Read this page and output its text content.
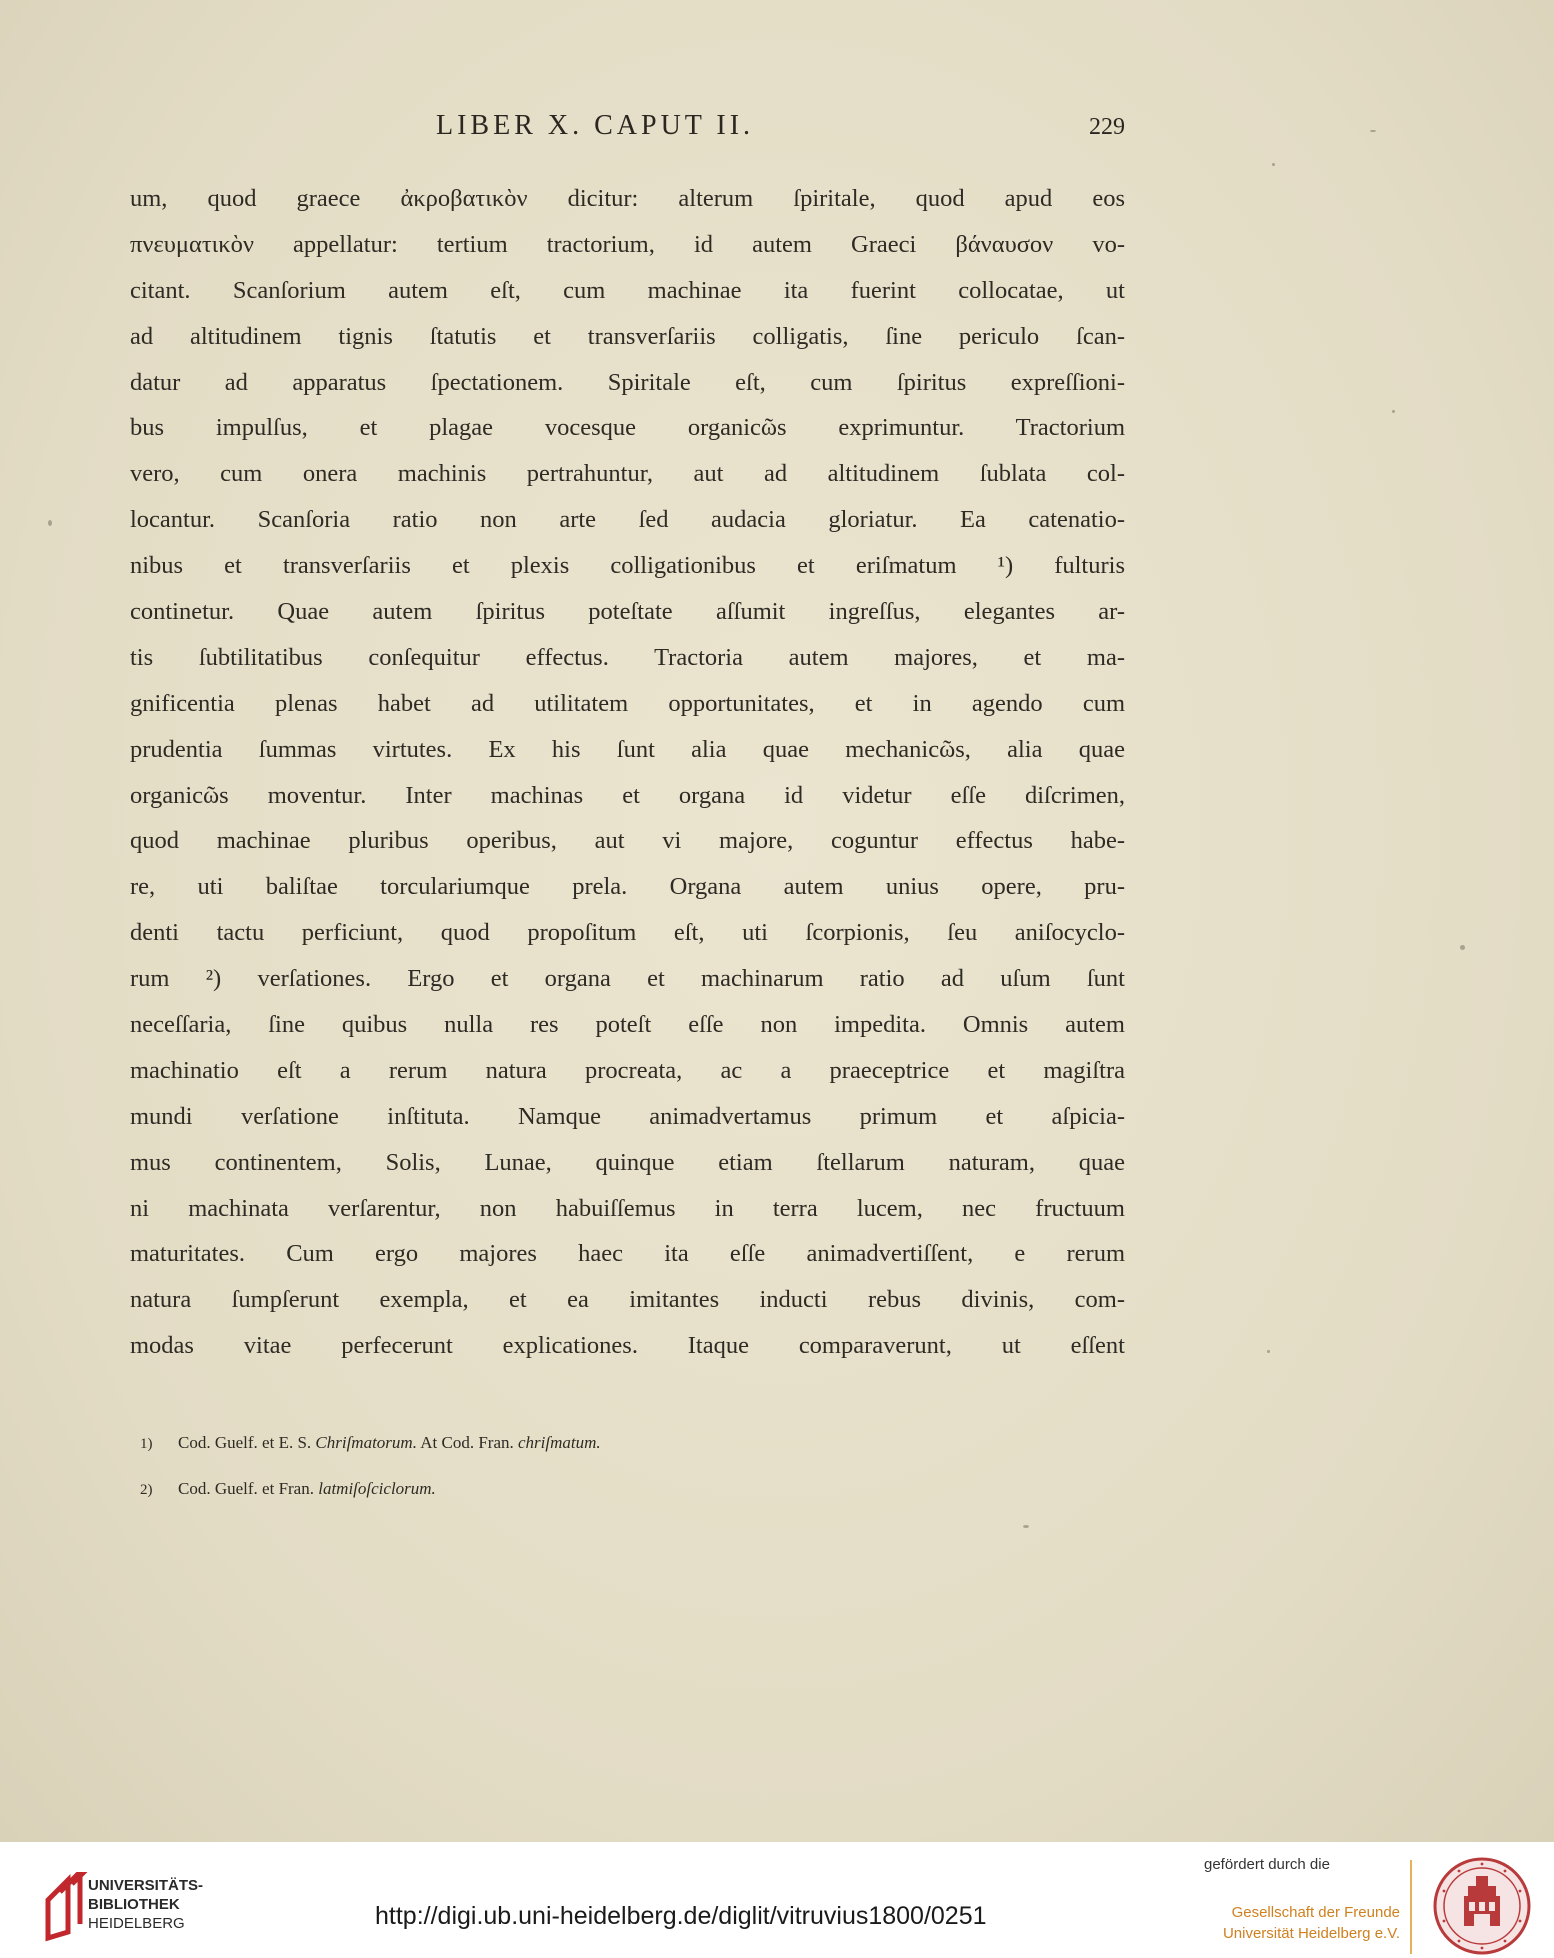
LIBER X. CAPUT II.	229
um, quod graece ἀκροβατικὸν dicitur: alterum ſpiritale, quod apud eos
πνευματικὸν appellatur: tertium tractorium, id autem Graeci βάναυσον vo-
citant. Scanſorium autem eſt, cum machinae ita fuerint collocatae, ut
ad altitudinem tignis ſtatutis et transverſariis colligatis, ſine periculo ſcan-
datur ad apparatus ſpectationem. Spiritale eſt, cum ſpiritus expreſſioni-
bus impulſus, et plagae vocesque organicῶs exprimuntur. Tractorium
vero, cum onera machinis pertrahuntur, aut ad altitudinem ſublata col-
locantur. Scanſoria ratio non arte ſed audacia gloriatur. Ea catenatio-
nibus et transverſariis et plexis colligationibus et eriſmatum ¹) fulturis
continetur. Quae autem ſpiritus poteſtate aſſumit ingreſſus, elegantes ar-
tis ſubtilitatibus conſequitur effectus. Tractoria autem majores, et ma-
gnificentia plenas habet ad utilitatem opportunitates, et in agendo cum
prudentia ſummas virtutes. Ex his ſunt alia quae mechanicῶs, alia quae
organicῶs moventur. Inter machinas et organa id videtur eſſe diſcrimen,
quod machinae pluribus operibus, aut vi majore, coguntur effectus habe-
re, uti baliſtae torculariumque prela. Organa autem unius opere, pru-
denti tactu perficiunt, quod propoſitum eſt, uti ſcorpionis, ſeu aniſocyclo-
rum ²) verſationes. Ergo et organa et machinarum ratio ad uſum ſunt
neceſſaria, ſine quibus nulla res poteſt eſſe non impedita. Omnis autem
machinatio eſt a rerum natura procreata, ac a praeceptrice et magiſtra
mundi verſatione inſtituta. Namque animadvertamus primum et aſpicia-
mus continentem, Solis, Lunae, quinque etiam ſtellarum naturam, quae
ni machinata verſarentur, non habuiſſemus in terra lucem, nec fructuum
maturitates. Cum ergo majores haec ita eſſe animadvertiſſent, e rerum
natura ſumpſerunt exempla, et ea imitantes inducti rebus divinis, com-
modas vitae perfecerunt explicationes. Itaque comparaverunt, ut eſſent
1) Cod. Guelf. et E. S. Chriſmatorum. At Cod. Fran. chriſmatum.
2) Cod. Guelf. et Fran. latmiſoſciclorum.
UNIVERSITÄTS-
BIBLIOTHEK
HEIDELBERG	http://digi.ub.uni-heidelberg.de/diglit/vitruvius1800/0251
gefördert durch die
Gesellschaft der Freunde
Universität Heidelberg e.V.
